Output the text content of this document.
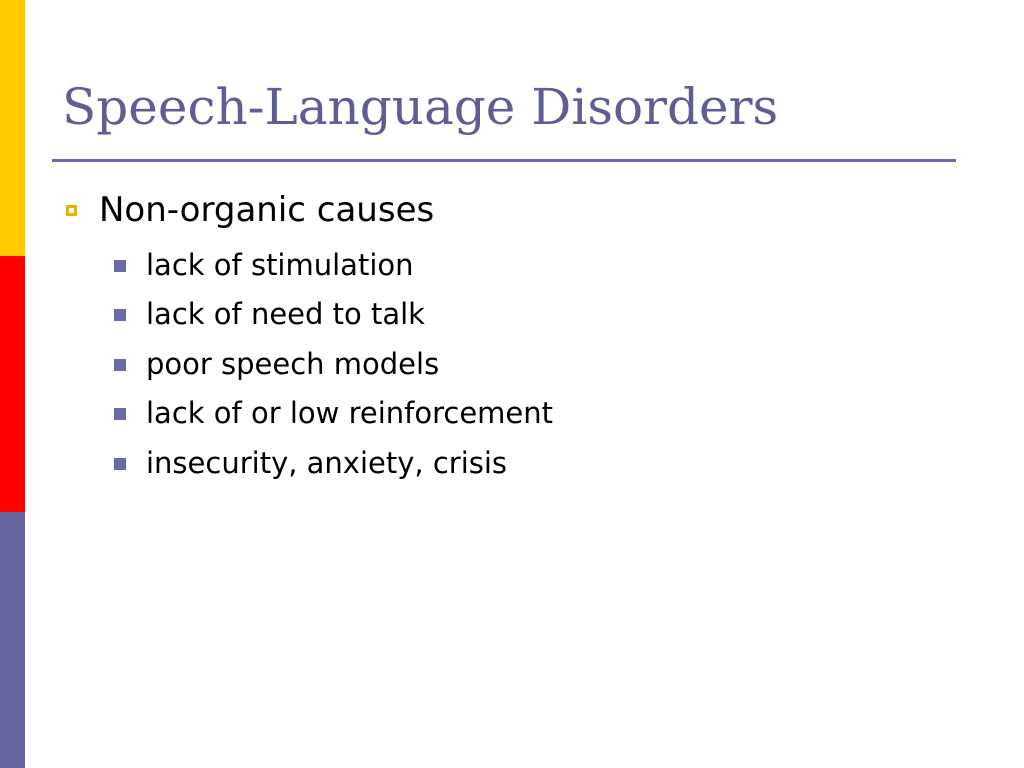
Speech-Language Disorders
Non-organic causes
lack of stimulation
lack of need to talk
poor speech models
lack of or low reinforcement
insecurity, anxiety, crisis
